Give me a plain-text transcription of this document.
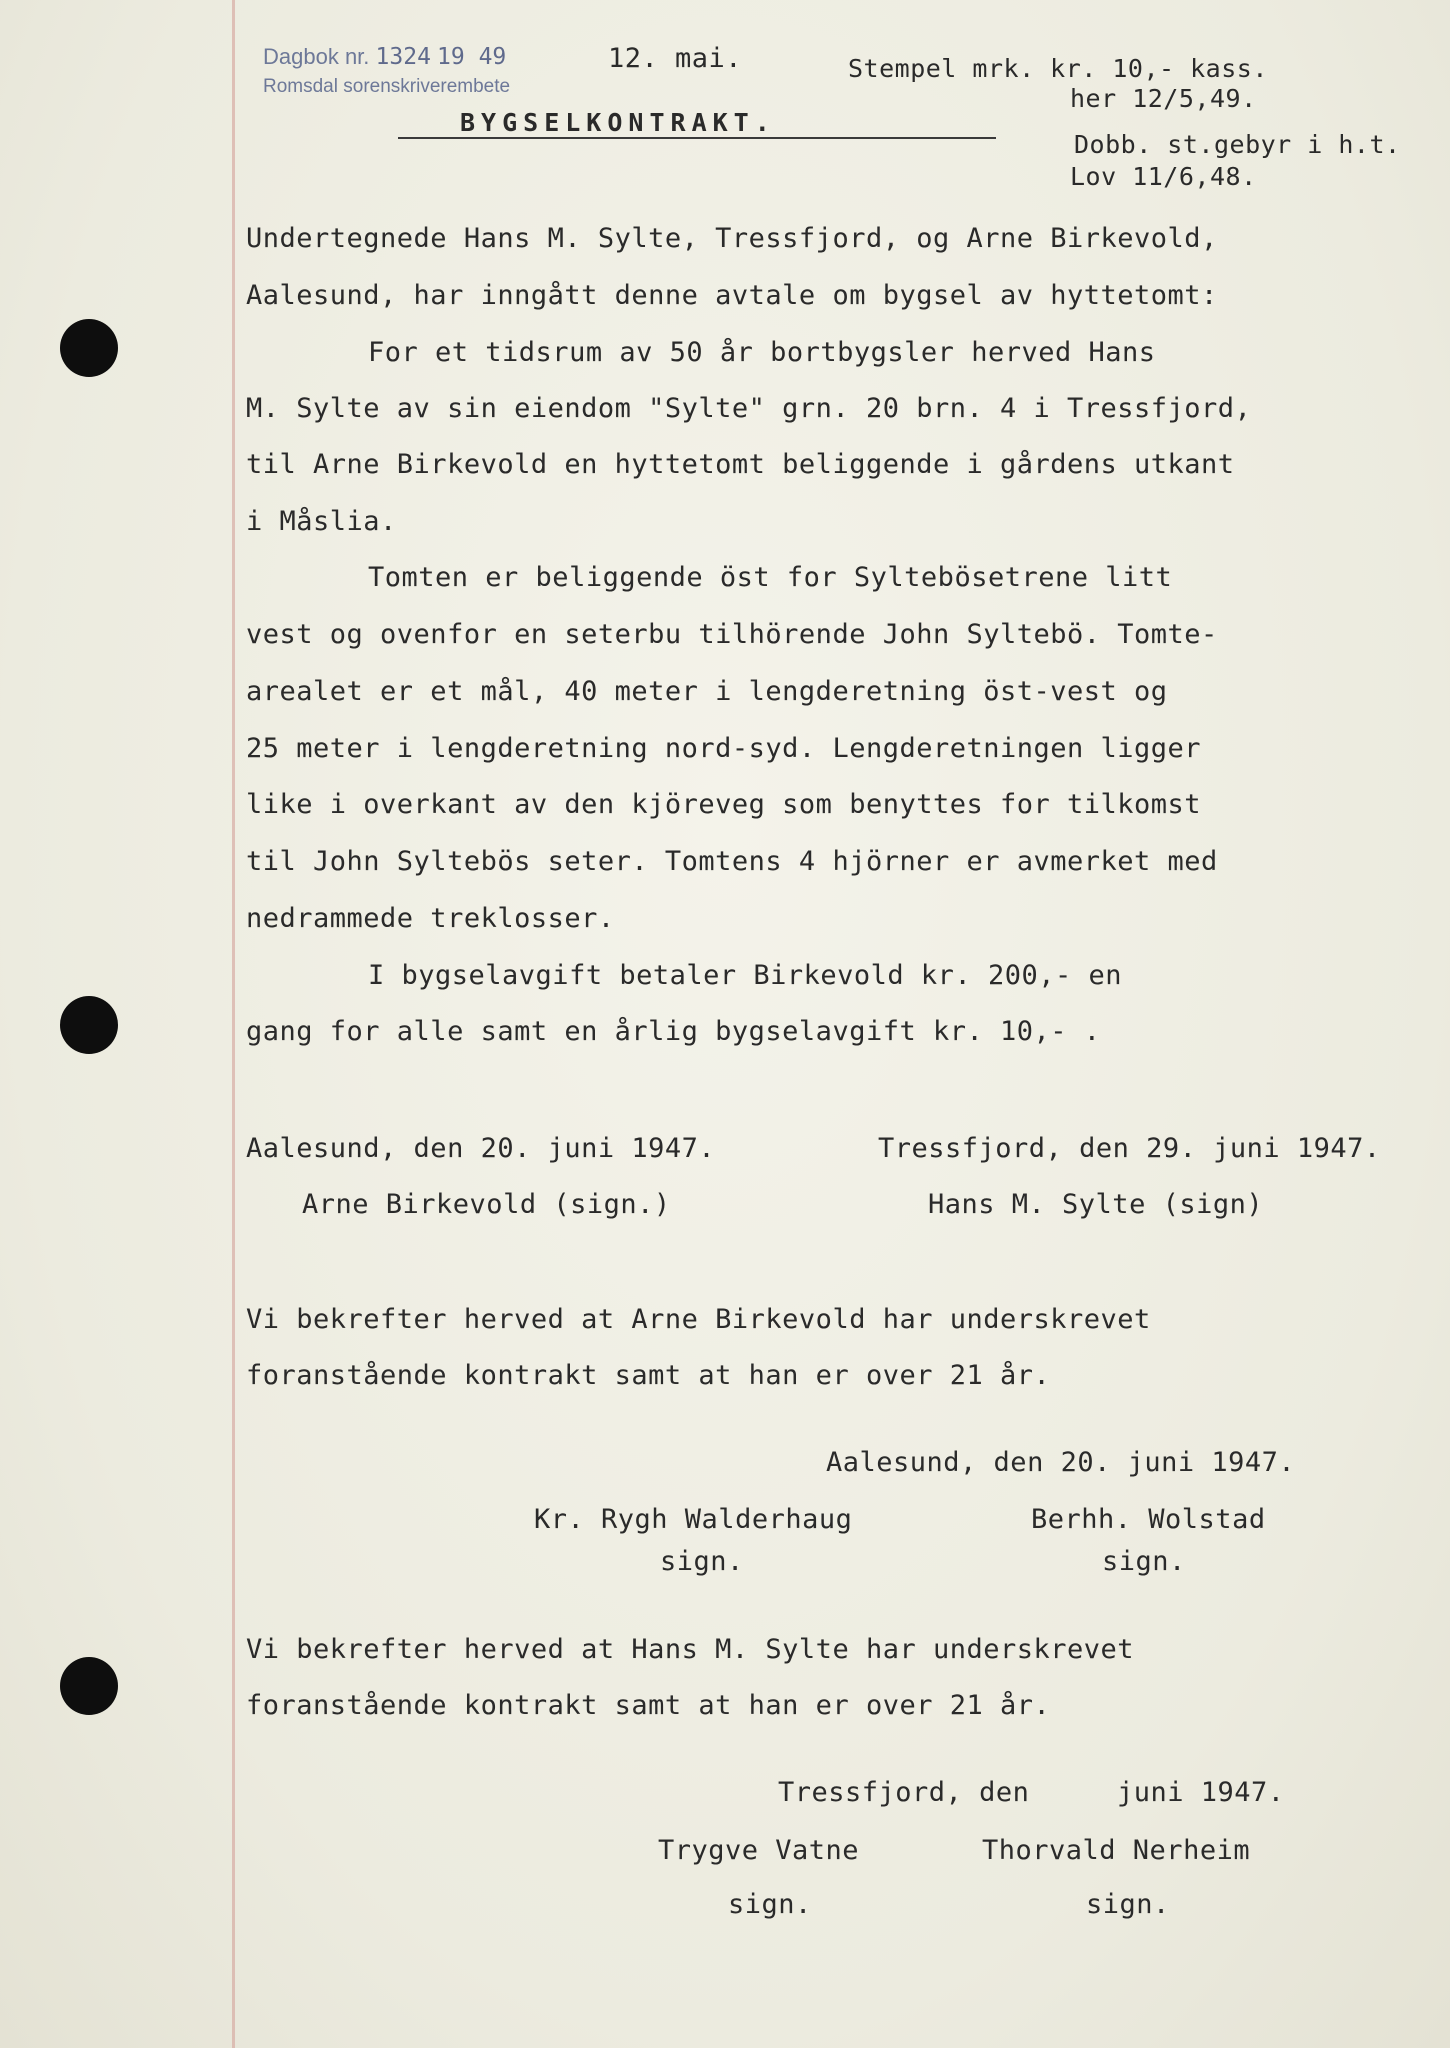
Dagbok nr. 1324 19 49
Romsdal sorenskriverembete
12. mai.	Stempel mrk. kr. 10,- kass.
her 12/5,49.
Dobb. st.gebyr i h.t.
Lov 11/6,48.
BYGSELKONTRAKT.
Undertegnede Hans M. Sylte, Tressfjord, og Arne Birkevold,
Aalesund, har inngått denne avtale om bygsel av hyttetomt:
For et tidsrum av 50 år bortbygsler herved Hans
M. Sylte av sin eiendom "Sylte" grn. 20 brn. 4 i Tressfjord,
til Arne Birkevold en hyttetomt beliggende i gårdens utkant
i Måslia.
Tomten er beliggende öst for Syltebösetrene litt
vest og ovenfor en seterbu tilhörende John Syltebö. Tomte-
arealet er et mål, 40 meter i lengderetning öst-vest og
25 meter i lengderetning nord-syd. Lengderetningen ligger
like i overkant av den kjöreveg som benyttes for tilkomst
til John Syltebös seter. Tomtens 4 hjörner er avmerket med
nedrammede treklosser.
I bygselavgift betaler Birkevold kr. 200,- en
gang for alle samt en årlig bygselavgift kr. 10,- .
Aalesund, den 20. juni 1947.	Tressfjord, den 29. juni 1947.
Arne Birkevold (sign.)	Hans M. Sylte (sign)
Vi bekrefter herved at Arne Birkevold har underskrevet
foranstående kontrakt samt at han er over 21 år.
Aalesund, den 20. juni 1947.
Kr. Rygh Walderhaug	Berhh. Wolstad
sign.	sign.
Vi bekrefter herved at Hans M. Sylte har underskrevet
foranstående kontrakt samt at han er over 21 år.
Tressfjord, den	juni 1947.
Trygve Vatne	Thorvald Nerheim
sign.	sign.
